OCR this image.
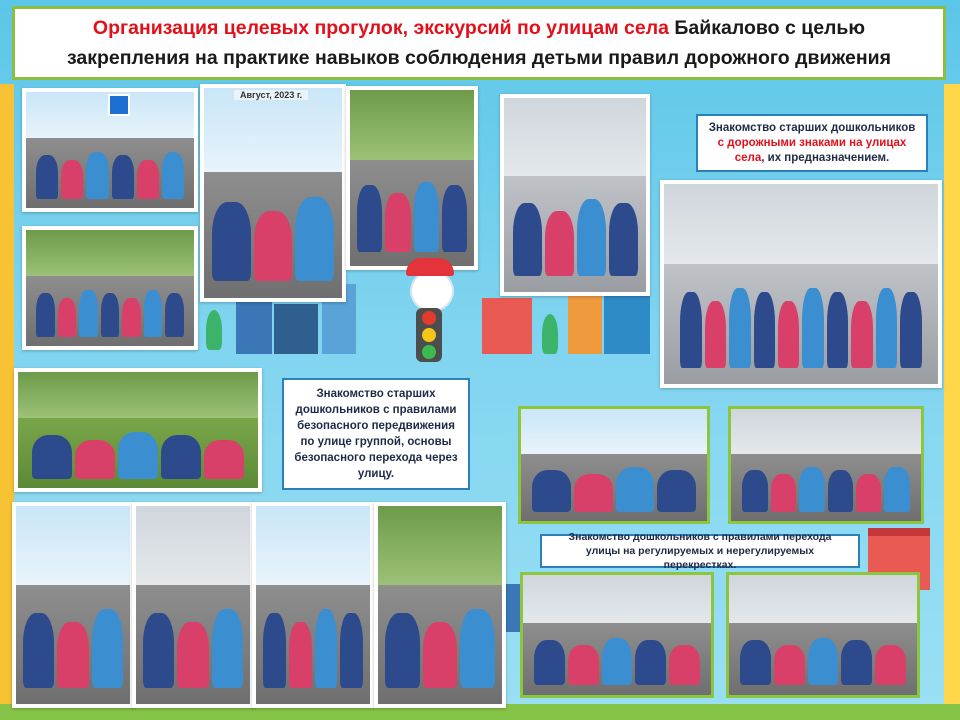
Организация целевых прогулок, экскурсий по улицам села Байкалово с целью закрепления на практике навыков соблюдения детьми правил дорожного движения
Август, 2023 г.
Знакомство старших дошкольников с дорожными знаками на улицах села, их предназначением.
Знакомство старших дошкольников с правилами безопасного передвижения по улице группой, основы безопасного перехода через улицу.
Знакомство дошкольников с правилами перехода улицы на регулируемых и нерегулируемых перекрестках.
